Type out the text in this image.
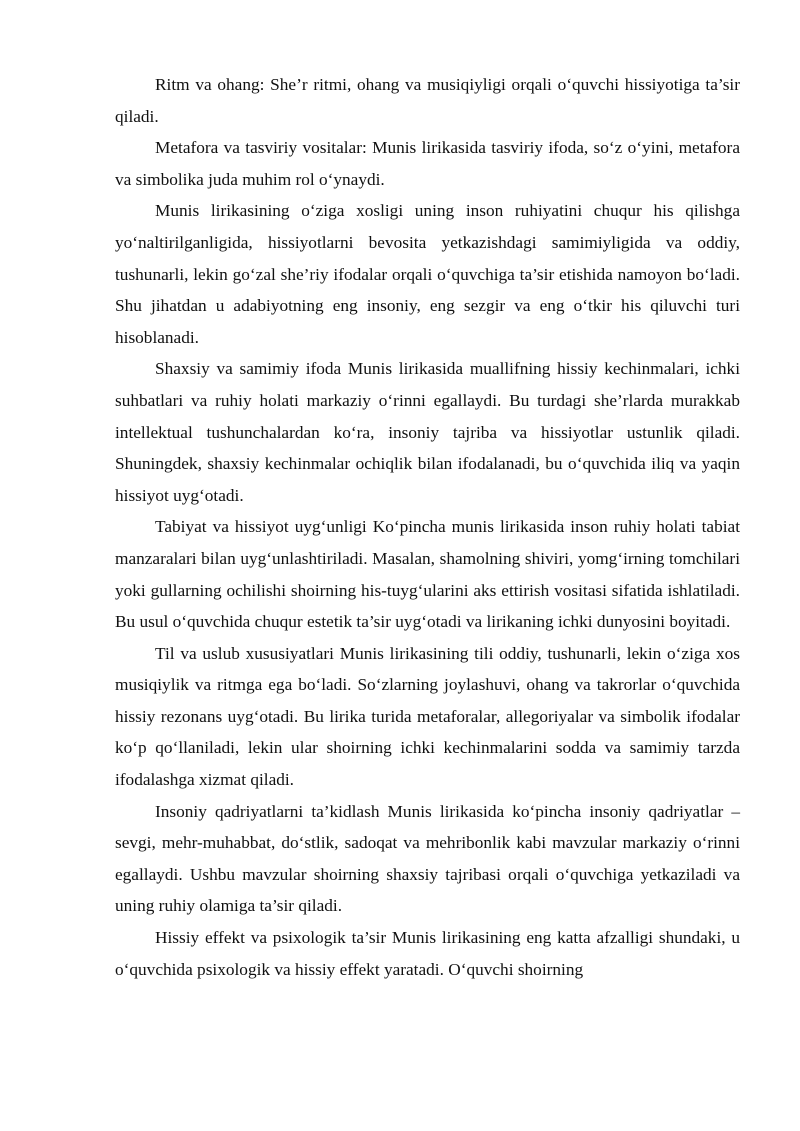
Ritm va ohang: She’r ritmi, ohang va musiqiyligi orqali o‘quvchi hissiyotiga ta’sir qiladi.

Metafora va tasviriy vositalar: Munis lirikasida tasviriy ifoda, so‘z o‘yini, metafora va simbolika juda muhim rol o‘ynaydi.

Munis lirikasining o‘ziga xosligi uning inson ruhiyatini chuqur his qilishga yo‘naltirilganligida, hissiyotlarni bevosita yetkazishdagi samimiyligida va oddiy, tushunarli, lekin go‘zal she’riy ifodalar orqali o‘quvchiga ta’sir etishida namoyon bo‘ladi. Shu jihatdan u adabiyotning eng insoniy, eng sezgir va eng o‘tkir his qiluvchi turi hisoblanadi.

Shaxsiy va samimiy ifoda Munis lirikasida muallifning hissiy kechinmalari, ichki suhbatlari va ruhiy holati markaziy o‘rinni egallaydi. Bu turdagi she’rlarda murakkab intellektual tushunchalardan ko‘ra, insoniy tajriba va hissiyotlar ustunlik qiladi. Shuningdek, shaxsiy kechinmalar ochiqlik bilan ifodalanadi, bu o‘quvchida iliq va yaqin hissiyot uyg‘otadi.

Tabiyat va hissiyot uyg‘unligi Ko‘pincha munis lirikasida inson ruhiy holati tabiat manzaralari bilan uyg‘unlashtiriladi. Masalan, shamolning shiviri, yomg‘irning tomchilari yoki gullarning ochilishi shoirning his-tuyg‘ularini aks ettirish vositasi sifatida ishlatiladi. Bu usul o‘quvchida chuqur estetik ta’sir uyg‘otadi va lirikaning ichki dunyosini boyitadi.

Til va uslub xususiyatlari Munis lirikasining tili oddiy, tushunarli, lekin o‘ziga xos musiqiylik va ritmga ega bo‘ladi. So‘zlarning joylashuvi, ohang va takrorlar o‘quvchida hissiy rezonans uyg‘otadi. Bu lirika turida metaforalar, allegoriyalar va simbolik ifodalar ko‘p qo‘llaniladi, lekin ular shoirning ichki kechinmalarini sodda va samimiy tarzda ifodalashga xizmat qiladi.

Insoniy qadriyatlarni ta’kidlash Munis lirikasida ko‘pincha insoniy qadriyatlar – sevgi, mehr-muhabbat, do‘stlik, sadoqat va mehribonlik kabi mavzular markaziy o‘rinni egallaydi. Ushbu mavzular shoirning shaxsiy tajribasi orqali o‘quvchiga yetkaziladi va uning ruhiy olamiga ta’sir qiladi.

Hissiy effekt va psixologik ta’sir Munis lirikasining eng katta afzalligi shundaki, u o‘quvchida psixologik va hissiy effekt yaratadi. O‘quvchi shoirning
